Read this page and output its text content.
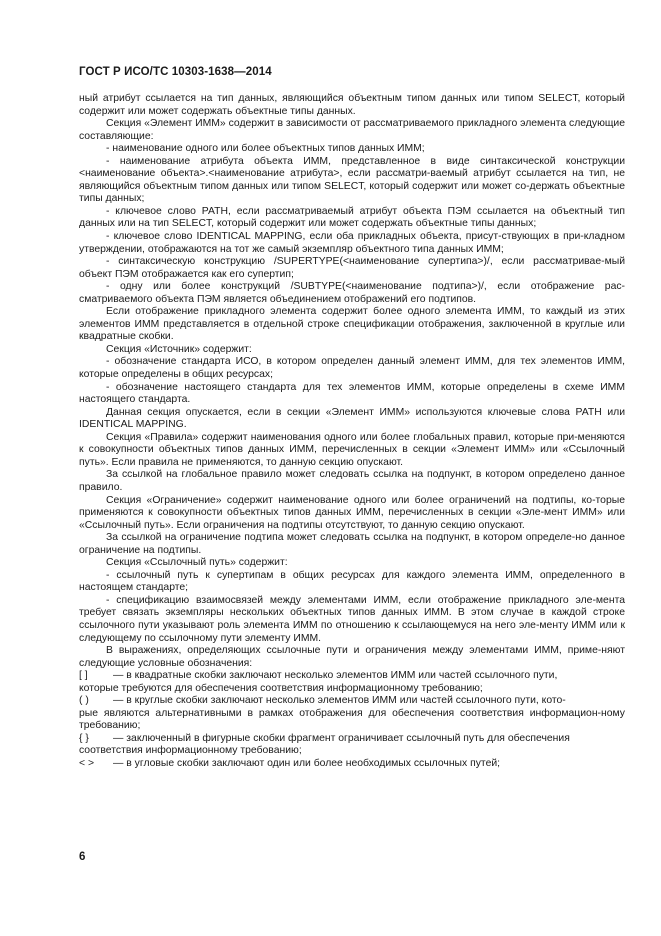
ГОСТ Р ИСО/ТС 10303-1638—2014

ный атрибут ссылается на тип данных, являющийся объектным типом данных или типом SELECT, который содержит или может содержать объектные типы данных.

Секция «Элемент ИММ» содержит в зависимости от рассматриваемого прикладного элемента следующие составляющие:

- наименование одного или более объектных типов данных ИММ;

- наименование атрибута объекта ИММ, представленное в виде синтаксической конструкции <наименование объекта>.<наименование атрибута>, если рассматри-ваемый атрибут ссылается на тип, не являющийся объектным типом данных или типом SELECT, который содержит или может со-держать объектные типы данных;

- ключевое слово PATH, если рассматриваемый атрибут объекта ПЭМ ссылается на объектный тип данных или на тип SELECT, который содержит или может содержать объектные типы данных;

- ключевое слово IDENTICAL MAPPING, если оба прикладных объекта, присут-ствующих в при-кладном утверждении, отображаются на тот же самый экземпляр объектного типа данных ИММ;

- синтаксическую конструкцию /SUPERTYPE(<наименование супертипа>)/, если рассматривае-мый объект ПЭМ отображается как его супертип;

- одну или более конструкций /SUBTYPE(<наименование подтипа>)/, если отображение рас-сматриваемого объекта ПЭМ является объединением отображений его подтипов.

Если отображение прикладного элемента содержит более одного элемента ИММ, то каждый из этих элементов ИММ представляется в отдельной строке спецификации отображения, заключенной в круглые или квадратные скобки.

Секция «Источник» содержит:

- обозначение стандарта ИСО, в котором определен данный элемент ИММ, для тех элементов ИММ, которые определены в общих ресурсах;

- обозначение настоящего стандарта для тех элементов ИММ, которые определены в схеме ИММ настоящего стандарта.

Данная секция опускается, если в секции «Элемент ИММ» используются ключевые слова PATH или IDENTICAL MAPPING.

Секция «Правила» содержит наименования одного или более глобальных правил, которые при-меняются к совокупности объектных типов данных ИММ, перечисленных в секции «Элемент ИММ» или «Ссылочный путь». Если правила не применяются, то данную секцию опускают.

За ссылкой на глобальное правило может следовать ссылка на подпункт, в котором определено данное правило.

Секция «Ограничение» содержит наименование одного или более ограничений на подтипы, ко-торые применяются к совокупности объектных типов данных ИММ, перечисленных в секции «Эле-мент ИММ» или «Ссылочный путь». Если ограничения на подтипы отсутствуют, то данную секцию опускают.

За ссылкой на ограничение подтипа может следовать ссылка на подпункт, в котором определе-но данное ограничение на подтипы.

Секция «Ссылочный путь» содержит:

- ссылочный путь к супертипам в общих ресурсах для каждого элемента ИММ, определенного в настоящем стандарте;

- спецификацию взаимосвязей между элементами ИММ, если отображение прикладного эле-мента требует связать экземпляры нескольких объектных типов данных ИММ. В этом случае в каждой строке ссылочного пути указывают роль элемента ИММ по отношению к ссылающемуся на него эле-менту ИММ или к следующему по ссылочному пути элементу ИММ.

В выражениях, определяющих ссылочные пути и ограничения между элементами ИММ, приме-няют следующие условные обозначения:

[ ]	— в квадратные скобки заключают несколько элементов ИММ или частей ссылочного пути,

которые требуются для обеспечения соответствия информационному требованию;

( )	— в круглые скобки заключают несколько элементов ИММ или частей ссылочного пути, кото-

рые являются альтернативными в рамках отображения для обеспечения соответствия информацион-ному требованию;

{ }	— заключенный в фигурные скобки фрагмент ограничивает ссылочный путь для обеспечения

соответствия информационному требованию;

< >	— в угловые скобки заключают один или более необходимых ссылочных путей;
6
